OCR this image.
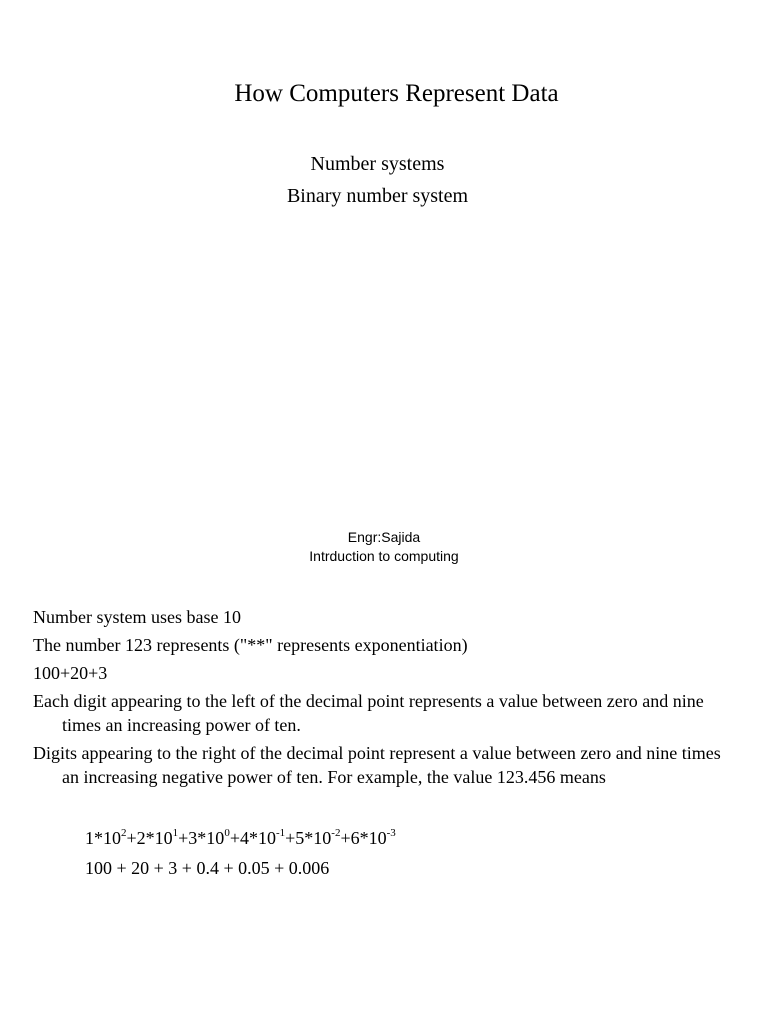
How Computers Represent Data
Number systems
Binary number system
Engr:Sajida
Intrduction to computing

Number system uses base 10

The number 123 represents ("**" represents exponentiation)

100+20+3

Each digit appearing to the left of the decimal point represents a value between zero and nine times an increasing power of ten.

Digits appearing to the right of the decimal point represent a value between zero and nine times an increasing negative power of ten. For example, the value 123.456 means

$1*10^2+2*10^1+3*10^0+4*10^{-1}+5*10^{-2}+6*10^{-3}$
100 + 20 + 3 + 0.4 + 0.05 + 0.006
